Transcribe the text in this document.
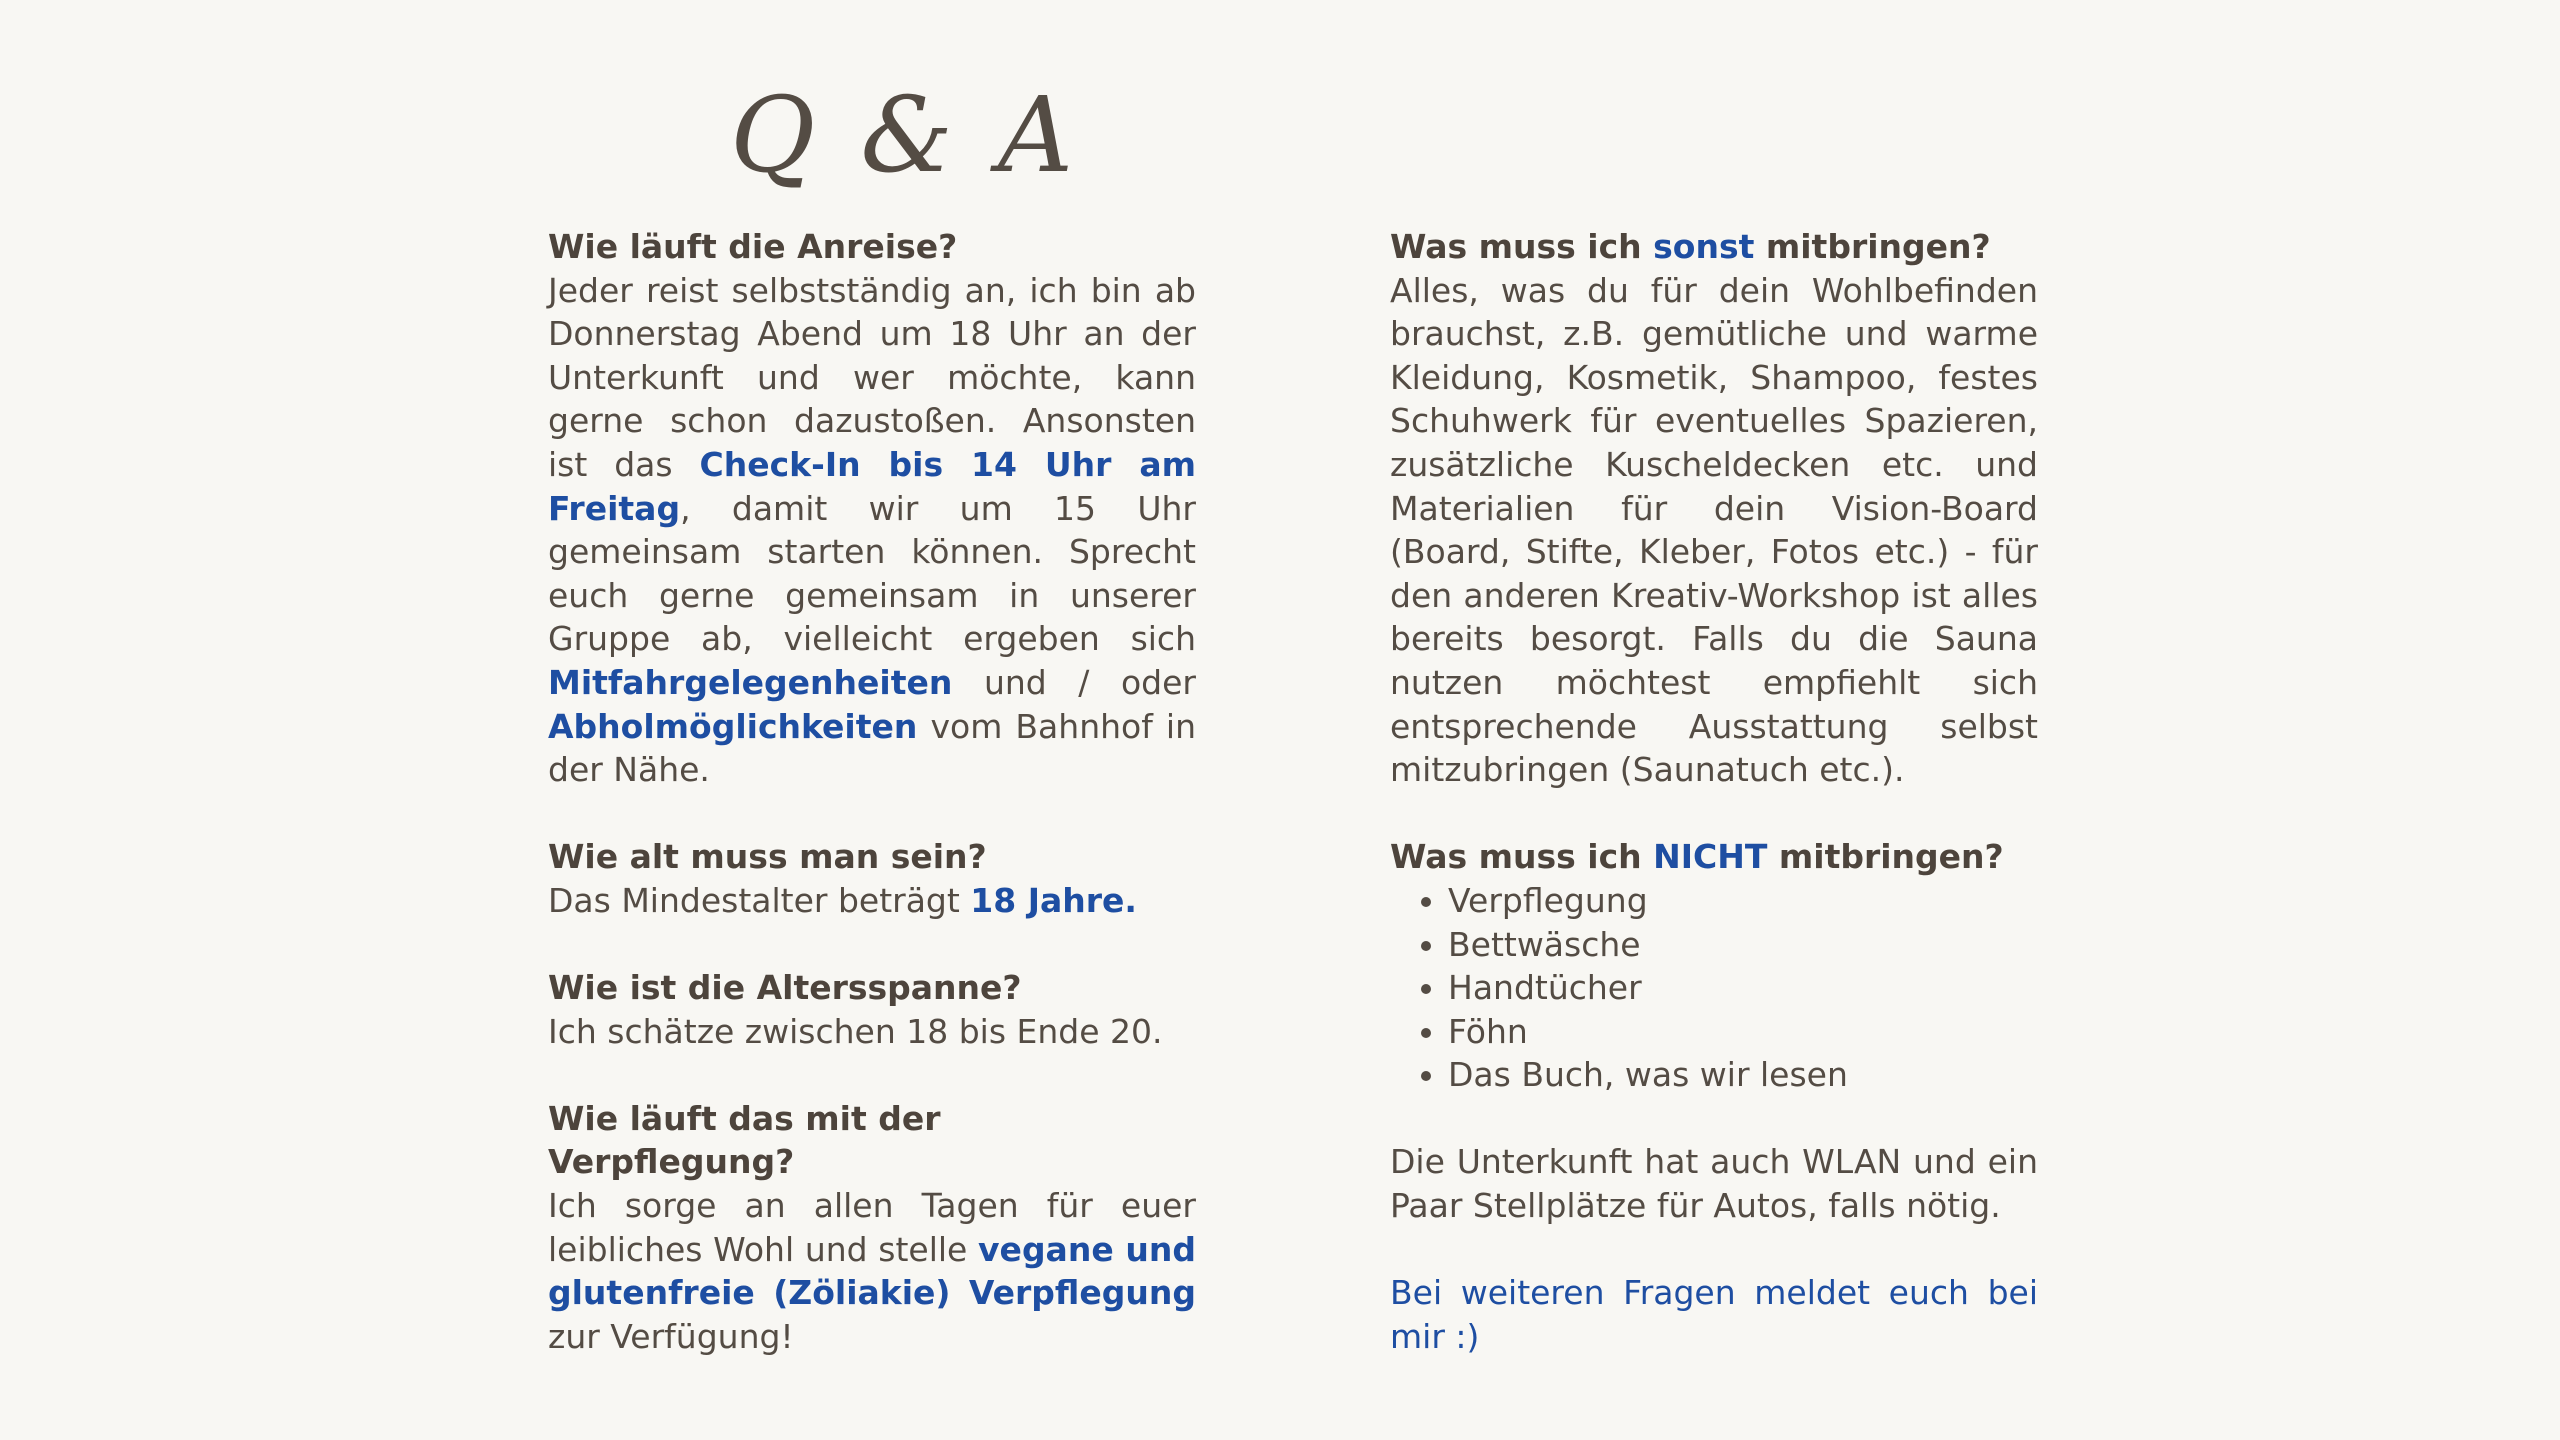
Q & A
Wie läuft die Anreise?
Jeder reist selbstständig an, ich bin ab Donnerstag Abend um 18 Uhr an der Unterkunft und wer möchte, kann gerne schon dazustoßen. Ansonsten ist das Check-In bis 14 Uhr am Freitag, damit wir um 15 Uhr gemeinsam starten können. Sprecht euch gerne gemeinsam in unserer Gruppe ab, vielleicht ergeben sich Mitfahrgelegenheiten und / oder Abholmöglichkeiten vom Bahnhof in der Nähe.
Wie alt muss man sein?
Das Mindestalter beträgt 18 Jahre.
Wie ist die Altersspanne?
Ich schätze zwischen 18 bis Ende 20.
Wie läuft das mit der Verpflegung?
Ich sorge an allen Tagen für euer leibliches Wohl und stelle vegane und glutenfreie (Zöliakie) Verpflegung zur Verfügung!
Was muss ich sonst mitbringen?
Alles, was du für dein Wohlbefinden brauchst, z.B. gemütliche und warme Kleidung, Kosmetik, Shampoo, festes Schuhwerk für eventuelles Spazieren, zusätzliche Kuscheldecken etc. und Materialien für dein Vision-Board (Board, Stifte, Kleber, Fotos etc.) - für den anderen Kreativ-Workshop ist alles bereits besorgt. Falls du die Sauna nutzen möchtest empfiehlt sich entsprechende Ausstattung selbst mitzubringen (Saunatuch etc.).
Was muss ich NICHT mitbringen?
• Verpflegung
• Bettwäsche
• Handtücher
• Föhn
• Das Buch, was wir lesen
Die Unterkunft hat auch WLAN und ein Paar Stellplätze für Autos, falls nötig.
Bei weiteren Fragen meldet euch bei mir :)
